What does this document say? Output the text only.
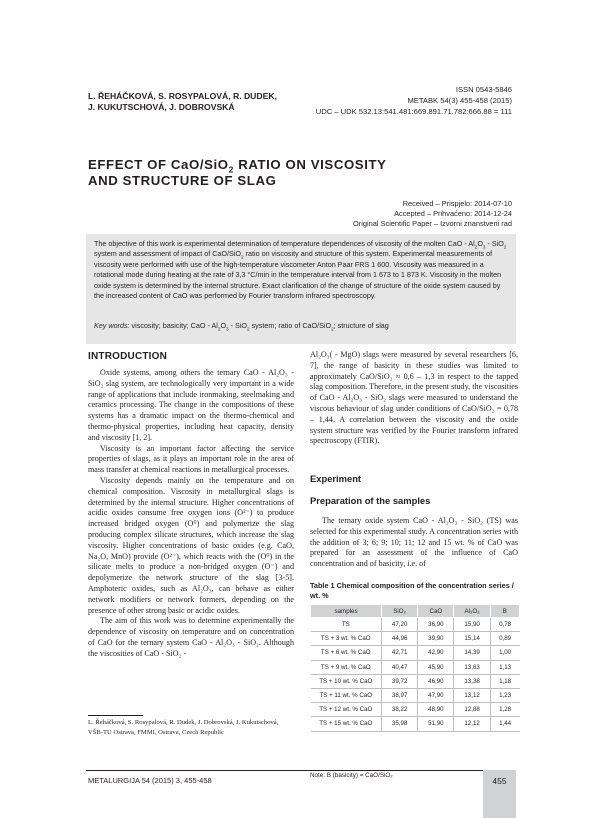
L. ŘEHÁČKOVÁ, S. ROSYPALOVÁ, R. DUDEK,
J. KUKUTSCHOVÁ, J. DOBROVSKÁ
ISSN 0543-5846
METABK 54(3) 455-458 (2015)
UDC – UDK 532.13:541.481:669.891.71.782:666.88 = 111
EFFECT OF CaO/SiO$_2$ RATIO ON VISCOSITY
AND STRUCTURE OF SLAG
Received – Prispjelo: 2014-07-10
Accepted – Prihvaćeno: 2014-12-24
Original Scientific Paper – Izvorni znanstveni rad
The objective of this work is experimental determination of temperature dependences of viscosity of the molten CaO - $Al_2O_3 - SiO_2$ system and assessment of impact of CaO/SiO$_2$ ratio on viscosity and structure of this system. Experimental measurements of viscosity were performed with use of the high-temperature viscometer Anton Paar FRS 1 600. Viscosity was measured in a rotational mode during heating at the rate of 3,3 °C/min in the temperature interval from 1 673 to 1 873 K. Viscosity in the molten oxide system is determined by the internal structure. Exact clarification of the change of structure of the oxide system caused by the increased content of CaO was performed by Fourier transform infrared spectroscopy.
Key words: viscosity; basicity; CaO - $Al_2O_3 - SiO_2$ system; ratio of CaO/SiO$_2$; structure of slag
INTRODUCTION

Oxide systems, among others the ternary CaO - Al₂O₃ - SiO₂ slag system, are technologically very important in a wide range of applications that include ironmaking, steelmaking and ceramics processing. The change in the compositions of these systems has a dramatic impact on the thermo-chemical and thermo-physical properties, including heat capacity, density and viscosity [1, 2].

Viscosity is an important factor affecting the service properties of slags, as it plays an important role in the area of mass transfer at chemical reactions in metallurgical processes.

Viscosity depends mainly on the temperature and on chemical composition. Viscosity in metallurgical slags is determined by the internal structure. Higher concentrations of acidic oxides consume free oxygen ions (O²⁻) to produce increased bridged oxygen (O⁰) and polymerize the slag producing complex silicate structures, which increase the slag viscosity. Higher concentrations of basic oxides (e.g. CaO, Na₂O, MnO) provide (O²⁻), which reacts with the (O⁰) in the silicate melts to produce a non-bridged oxygen (O⁻) and depolymerize the network structure of the slag [3-5]. Amphoteric oxides, such as Al₂O₃, can behave as either network modifiers or network formers, depending on the presence of other strong basic or acidic oxides.

The aim of this work was to determine experimentally the dependence of viscosity on temperature and on concentration of CaO for the ternary system CaO - Al₂O₃ - SiO₂. Although the viscosities of CaO - SiO₂ -

Al₂O₃( - MgO) slags were measured by several researchers [6, 7], the range of basicity in these studies was limited to approximately CaO/SiO₂ ≈ 0,6 – 1,3 in respect to the tapped slag composition. Therefore, in the present study, the viscosities of CaO - Al₂O₃ - SiO₂ slags were measured to understand the viscous behaviour of slag under conditions of CaO/SiO₂ = 0,78 – 1,44. A correlation between the viscosity and the oxide system structure was verified by the Fourier transform infrared spectroscopy (FTIR).

Experiment
Preparation of the samples

The ternary oxide system CaO - Al₂O₃ - SiO₂ (TS) was selected for this experimental study. A concentration series with the addition of 3; 6; 9; 10; 11; 12 and 15 wt. % of CaO was prepared for an assessment of the influence of CaO concentration and of basicity, i.e. of

Table 1 Chemical composition of the concentration series / wt. %
samples	SiO₂	CaO	Al₂O₃	B
TS	47,20	36,90	15,90	0,78
TS + 3 wt. % CaO	44,96	39,90	15,14	0,89
TS + 6 wt. % CaO	42,71	42,90	14,39	1,00
TS + 9 wt. % CaO	40,47	45,90	13,63	1,13
TS + 10 wt. % CaO	39,72	46,90	13,38	1,18
TS + 11 wt. % CaO	38,97	47,90	13,12	1,23
TS + 12 wt. % CaO	38,22	48,90	12,88	1,28
TS + 15 wt. % CaO	35,98	51,90	12,12	1,44
Note: B (basicity) = CaO/SiO₂
L. Řeháčková, S. Rosypalová, R. Dudek, J. Dobrovská, J. Kukutschová,
VŠB-TU Ostrava, FMMI, Ostrava, Czech Republic
METALURGIJA 54 (2015) 3, 455-458	455
